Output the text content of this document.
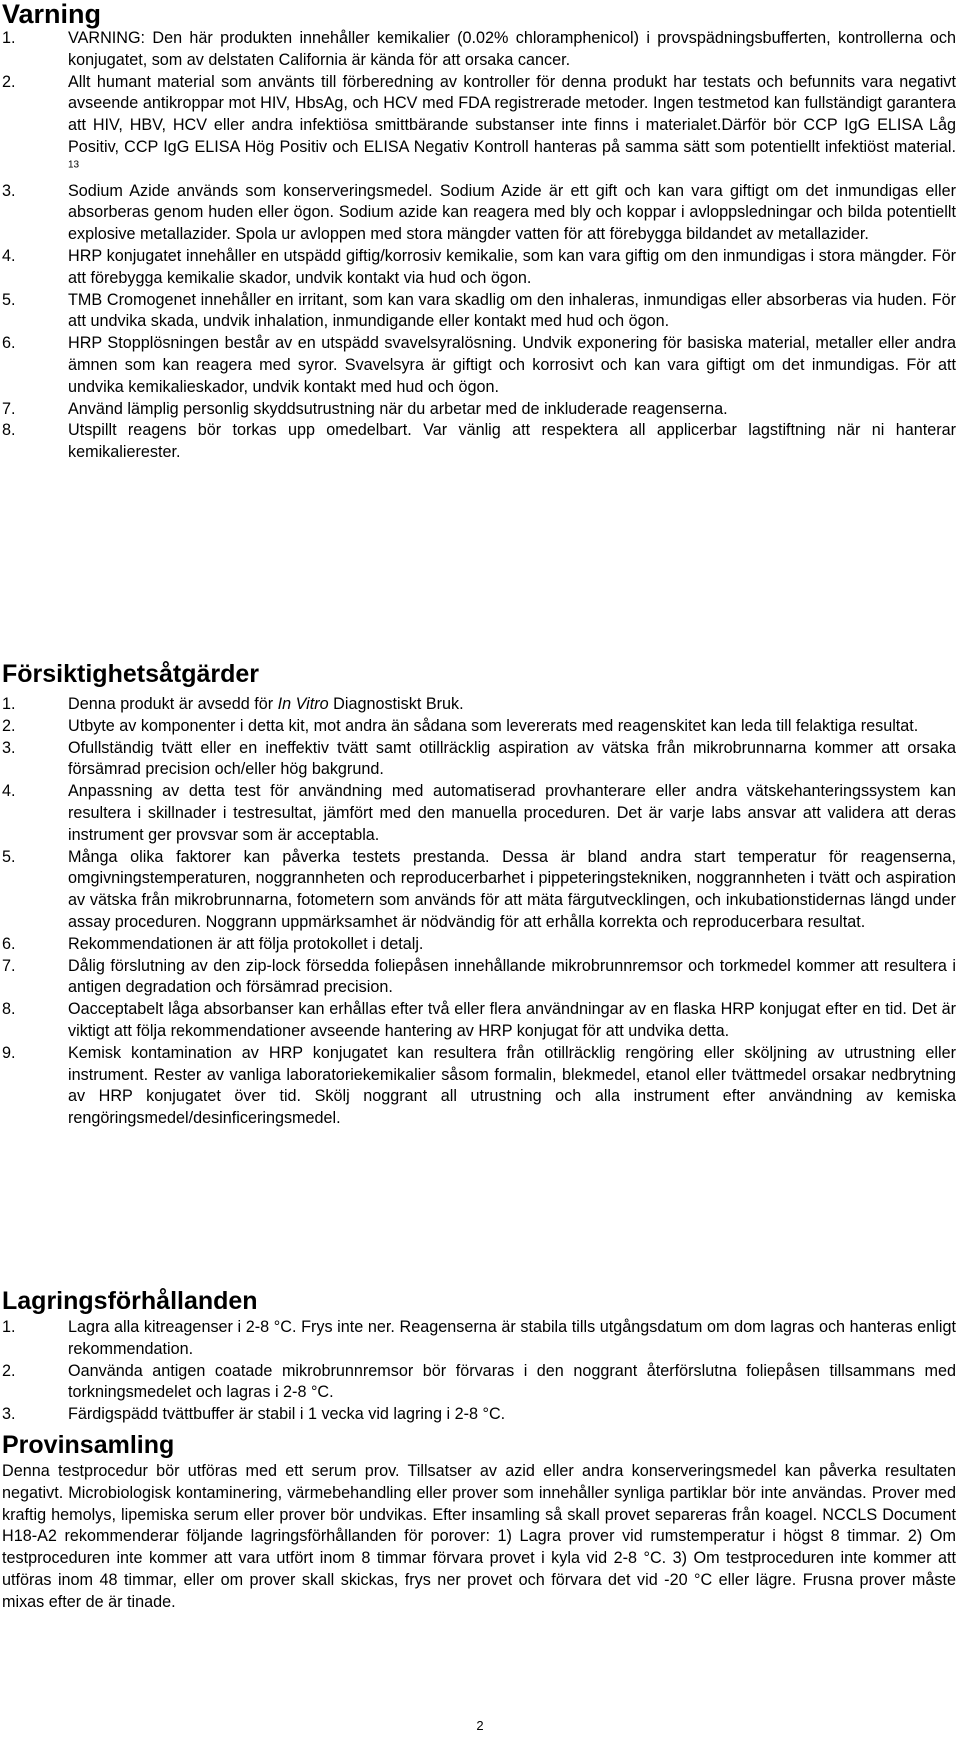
Varning
1.	VARNING: Den här produkten innehåller kemikalier (0.02% chloramphenicol) i provspädningsbufferten, kontrollerna och konjugatet, som av delstaten California är kända för att orsaka cancer.
2.	Allt humant material som använts till förberedning av kontroller för denna produkt har testats och befunnits vara negativt avseende antikroppar mot HIV, HbsAg, och HCV med FDA registrerade metoder. Ingen testmetod kan fullständigt garantera att HIV, HBV, HCV eller andra infektiösa smittbärande substanser inte finns i materialet.Därför bör CCP IgG ELISA Låg Positiv, CCP IgG ELISA Hög Positiv och ELISA Negativ Kontroll hanteras på samma sätt som potentiellt infektiöst material. $^{13}$
3.	Sodium Azide används som konserveringsmedel. Sodium Azide är ett gift och kan vara giftigt om det inmundigas eller absorberas genom huden eller ögon. Sodium azide kan reagera med bly och koppar i avloppsledningar och bilda potentiellt explosive metallazider. Spola ur avloppen med stora mängder vatten för att förebygga bildandet av metallazider.
4.	HRP konjugatet innehåller en utspädd giftig/korrosiv kemikalie, som kan vara giftig om den inmundigas i stora mängder. För att förebygga kemikalie skador, undvik kontakt via hud och ögon.
5.	TMB Cromogenet innehåller en irritant, som kan vara skadlig om den inhaleras, inmundigas eller absorberas via huden. För att undvika skada, undvik inhalation, inmundigande eller kontakt med hud och ögon.
6.	HRP Stopplösningen består av en utspädd svavelsyralösning. Undvik exponering för basiska material, metaller eller andra ämnen som kan reagera med syror. Svavelsyra är giftigt och korrosivt och kan vara giftigt om det inmundigas. För att undvika kemikalieskador, undvik kontakt med hud och ögon.
7.	Använd lämplig personlig skyddsutrustning när du arbetar med de inkluderade reagenserna.
8.	Utspillt reagens bör torkas upp omedelbart. Var vänlig att respektera all applicerbar lagstiftning när ni hanterar kemikalierester.
Försiktighetsåtgärder
1.	Denna produkt är avsedd för In Vitro Diagnostiskt Bruk.
2.	Utbyte av komponenter i detta kit, mot andra än sådana som levererats med reagenskitet kan leda till felaktiga resultat.
3.	Ofullständig tvätt eller en ineffektiv tvätt samt otillräcklig aspiration av vätska från mikrobrunnarna kommer att orsaka försämrad precision och/eller hög bakgrund.
4.	Anpassning av detta test för användning med automatiserad provhanterare eller andra vätskehanteringssystem kan resultera i skillnader i testresultat, jämfört med den manuella proceduren. Det är varje labs ansvar att validera att deras instrument ger provsvar som är acceptabla.
5.	Många olika faktorer kan påverka testets prestanda. Dessa är bland andra start temperatur för reagenserna, omgivningstemperaturen, noggrannheten och reproducerbarhet i pippeteringstekniken, noggrannheten i tvätt och aspiration av vätska från mikrobrunnarna, fotometern som används för att mäta färgutvecklingen, och inkubationstidernas längd under assay proceduren. Noggrann uppmärksamhet är nödvändig för att erhålla korrekta och reproducerbara resultat.
6.	Rekommendationen är att följa protokollet i detalj.
7.	Dålig förslutning av den zip-lock försedda foliepåsen innehållande mikrobrunnremsor och torkmedel kommer att resultera i antigen degradation och försämrad precision.
8.	Oacceptabelt låga absorbanser kan erhållas efter två eller flera användningar av en flaska HRP konjugat efter en tid. Det är viktigt att följa rekommendationer avseende hantering av HRP konjugat för att undvika detta.
9.	Kemisk kontamination av HRP konjugatet kan resultera från otillräcklig rengöring eller sköljning av utrustning eller instrument. Rester av vanliga laboratoriekemikalier såsom formalin, blekmedel, etanol eller tvättmedel orsakar nedbrytning av HRP konjugatet över tid. Skölj noggrant all utrustning och alla instrument efter användning av kemiska rengöringsmedel/desinficeringsmedel.
Lagringsförhållanden
1.	Lagra alla kitreagenser i 2-8 °C. Frys inte ner. Reagenserna är stabila tills utgångsdatum om dom lagras och hanteras enligt rekommendation.
2.	Oanvända antigen coatade mikrobrunnremsor bör förvaras i den noggrant återförslutna foliepåsen tillsammans med torkningsmedelet och lagras i 2-8 °C.
3.	Färdigspädd tvättbuffer är stabil i 1 vecka vid lagring i 2-8 °C.
Provinsamling

Denna testprocedur bör utföras med ett serum prov. Tillsatser av azid eller andra konserveringsmedel kan påverka resultaten negativt. Microbiologisk kontaminering, värmebehandling eller prover som innehåller synliga partiklar bör inte användas. Prover med kraftig hemolys, lipemiska serum eller prover bör undvikas. Efter insamling så skall provet separeras från koagel. NCCLS Document H18-A2 rekommenderar följande lagringsförhållanden för porover: 1) Lagra prover vid rumstemperatur i högst 8 timmar. 2) Om testproceduren inte kommer att vara utfört inom 8 timmar förvara provet i kyla vid 2-8 °C. 3) Om testproceduren inte kommer att utföras inom 48 timmar, eller om prover skall skickas, frys ner provet och förvara det vid -20 °C eller lägre. Frusna prover måste mixas efter de är tinade.

2
